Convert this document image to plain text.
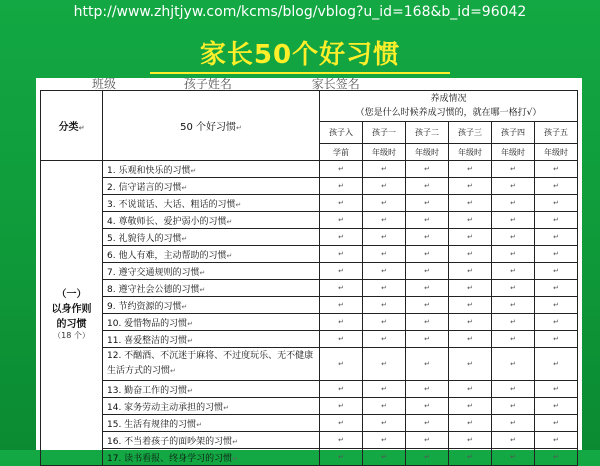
http://www.zhjtjyw.com/kcms/blog/vblog?u_id=168&b_id=96042
家长50个好习惯
班级	孩子姓名	家长签名
分类↵	50 个好习惯↵	养成情况
（您是什么时候养成习惯的，就在哪一格打√）					

		孩子入	孩子一	孩子二	孩子三	孩子四	孩子五
		学前	年级时	年级时	年级时	年级时	年级时

（一）
以身作则
的习惯
（18 个）	1. 乐观和快乐的习惯↵	↵	↵	↵	↵	↵	↵
	2. 信守诺言的习惯↵	↵	↵	↵	↵	↵	↵
	3. 不说谎话、大话、粗话的习惯↵	↵	↵	↵	↵	↵	↵
	4. 尊敬师长、爱护弱小的习惯↵	↵	↵	↵	↵	↵	↵
	5. 礼貌待人的习惯↵	↵	↵	↵	↵	↵	↵
	6. 他人有难，主动帮助的习惯↵	↵	↵	↵	↵	↵	↵
	7. 遵守交通规则的习惯↵	↵	↵	↵	↵	↵	↵
	8. 遵守社会公德的习惯↵	↵	↵	↵	↵	↵	↵
	9. 节约资源的习惯↵	↵	↵	↵	↵	↵	↵
	10. 爱惜物品的习惯↵	↵	↵	↵	↵	↵	↵
	11. 喜爱整洁的习惯↵	↵	↵	↵	↵	↵	↵
	12. 不酗酒、不沉迷于麻将、不过度玩乐、无不健康生活方式的习惯↵	↵	↵	↵	↵	↵	↵
	13. 勤奋工作的习惯↵	↵	↵	↵	↵	↵	↵
	14. 家务劳动主动承担的习惯↵	↵	↵	↵	↵	↵	↵
	15. 生活有规律的习惯↵	↵	↵	↵	↵	↵	↵
	16. 不当着孩子的面吵架的习惯↵	↵	↵	↵	↵	↵	↵
	17. 读书看报、终身学习的习惯↵	↵	↵	↵	↵	↵	↵
